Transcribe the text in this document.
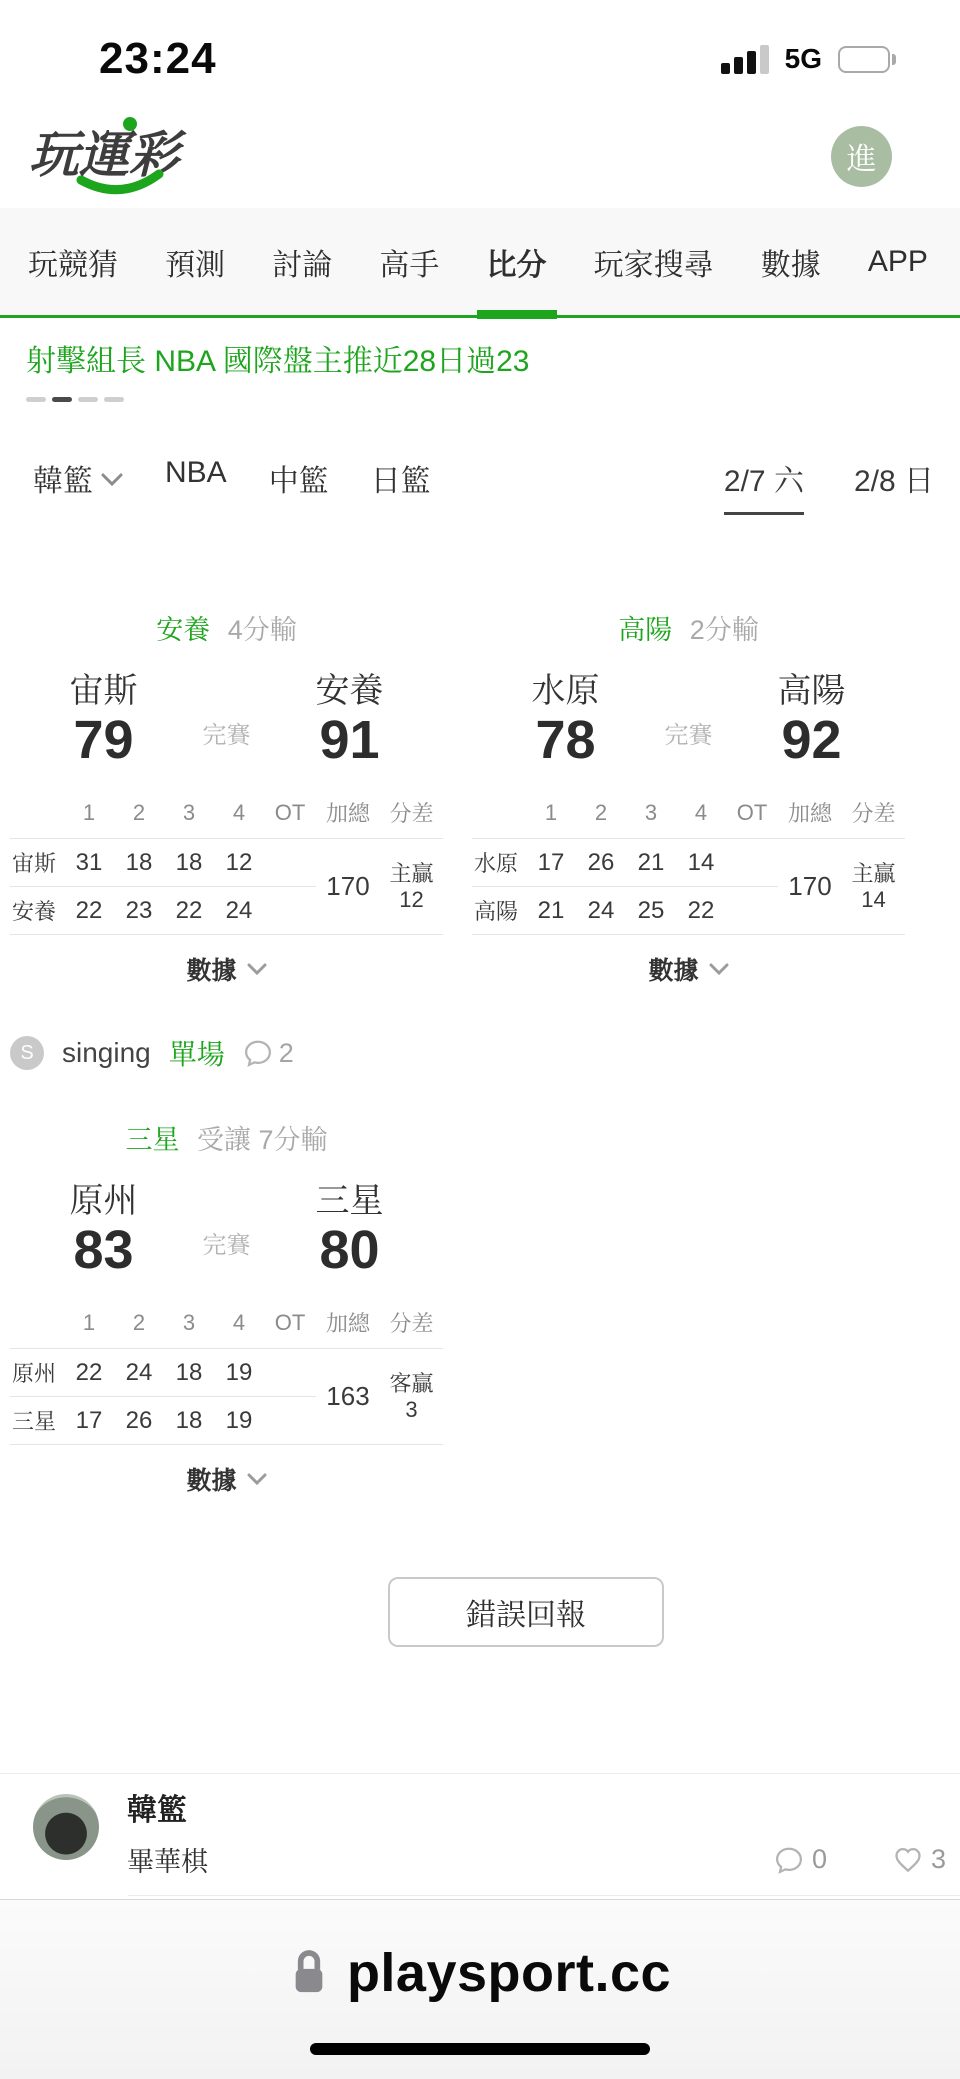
23:24	5G
玩運彩	進
玩競猜 預測 討論 高手 比分 玩家搜尋 數據 APP
射擊組長 NBA 國際盤主推近28日過23
韓籃 NBA 中籃 日籃	2/7 六 2/8 日
安養 4分輸
宙斯
79	完賽
安養
91
	1	2	3	4	OT	加總	分差
宙斯	31	18	18	12		170	主贏
12

安養	22	23	22	24			
數據
高陽 2分輸
水原
78	完賽
高陽
92
	1	2	3	4	OT	加總	分差
水原	17	26	21	14		170	主贏
14

高陽	21	24	25	22			
數據
S	singing 單場 2
三星 受讓 7分輸
原州
83	完賽
三星
80
	1	2	3	4	OT	加總	分差
原州	22	24	18	19		163	客贏
3

三星	17	26	18	19			
數據
錯誤回報
韓籃
畢華棋	0	3
playsport.cc
